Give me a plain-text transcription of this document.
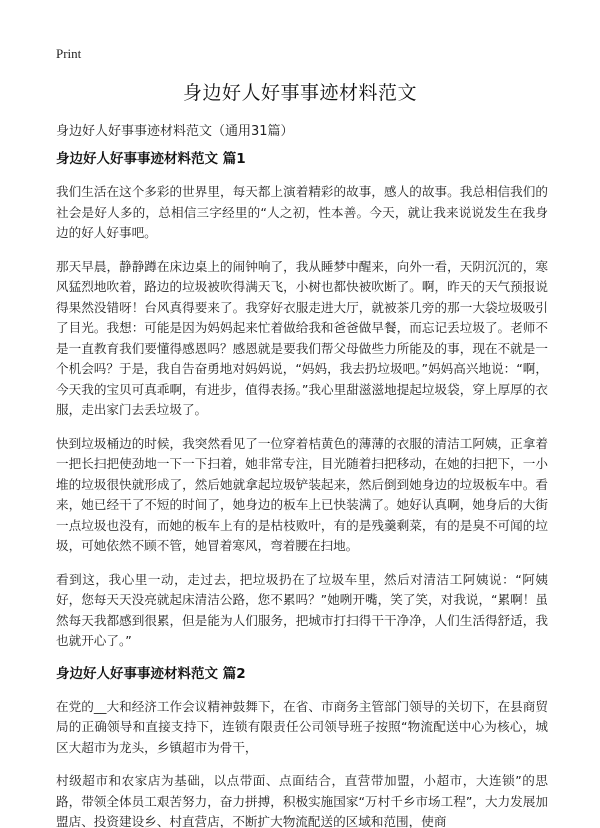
Print
身边好人好事事迹材料范文

身边好人好事事迹材料范文（通用31篇）

身边好人好事事迹材料范文 篇1

我们生活在这个多彩的世界里，每天都上演着精彩的故事，感人的故事。我总相信我们的社会是好人多的，总相信三字经里的“人之初，性本善。今天，就让我来说说发生在我身边的好人好事吧。

那天早晨，静静蹲在床边桌上的闹钟响了，我从睡梦中醒来，向外一看，天阴沉沉的，寒风猛烈地吹着，路边的垃圾被吹得满天飞，小树也都快被吹断了。啊，昨天的天气预报说得果然没错呀！台风真得要来了。我穿好衣服走进大厅，就被茶几旁的那一大袋垃圾吸引了目光。我想：可能是因为妈妈起来忙着做给我和爸爸做早餐，而忘记丢垃圾了。老师不是一直教育我们要懂得感恩吗？感恩就是要我们帮父母做些力所能及的事，现在不就是一个机会吗？于是，我自告奋勇地对妈妈说，“妈妈，我去扔垃圾吧。”妈妈高兴地说：“啊，今天我的宝贝可真乖啊，有进步，值得表扬。”我心里甜滋滋地提起垃圾袋，穿上厚厚的衣服，走出家门去丢垃圾了。

快到垃圾桶边的时候，我突然看见了一位穿着桔黄色的薄薄的衣服的清洁工阿姨，正拿着一把长扫把使劲地一下一下扫着，她非常专注，目光随着扫把移动，在她的扫把下，一小堆的垃圾很快就形成了，然后她就拿起垃圾铲装起来，然后倒到她身边的垃圾板车中。看来，她已经干了不短的时间了，她身边的板车上已快装满了。她好认真啊，她身后的大街一点垃圾也没有，而她的板车上有的是枯枝败叶，有的是残羹剩菜，有的是臭不可闻的垃圾，可她依然不顾不管，她冒着寒风，弯着腰在扫地。

看到这，我心里一动，走过去，把垃圾扔在了垃圾车里，然后对清洁工阿姨说：“阿姨好，您每天天没亮就起床清洁公路，您不累吗？”她咧开嘴，笑了笑，对我说，“累啊！虽然每天我都感到很累，但是能为人们服务，把城市打扫得干干净净，人们生活得舒适，我也就开心了。”

身边好人好事事迹材料范文 篇2

在党的__大和经济工作会议精神鼓舞下，在省、市商务主管部门领导的关切下，在县商贸局的正确领导和直接支持下，连锁有限责任公司领导班子按照“物流配送中心为核心，城区大超市为龙头，乡镇超市为骨干，

村级超市和农家店为基础，以点带面、点面结合，直营带加盟，小超市，大连锁”的思路，带领全体员工艰苦努力，奋力拼搏，积极实施国家“万村千乡市场工程”，大力发展加盟店、投资建设乡、村直营店，不断扩大物流配送的区域和范围，使商
